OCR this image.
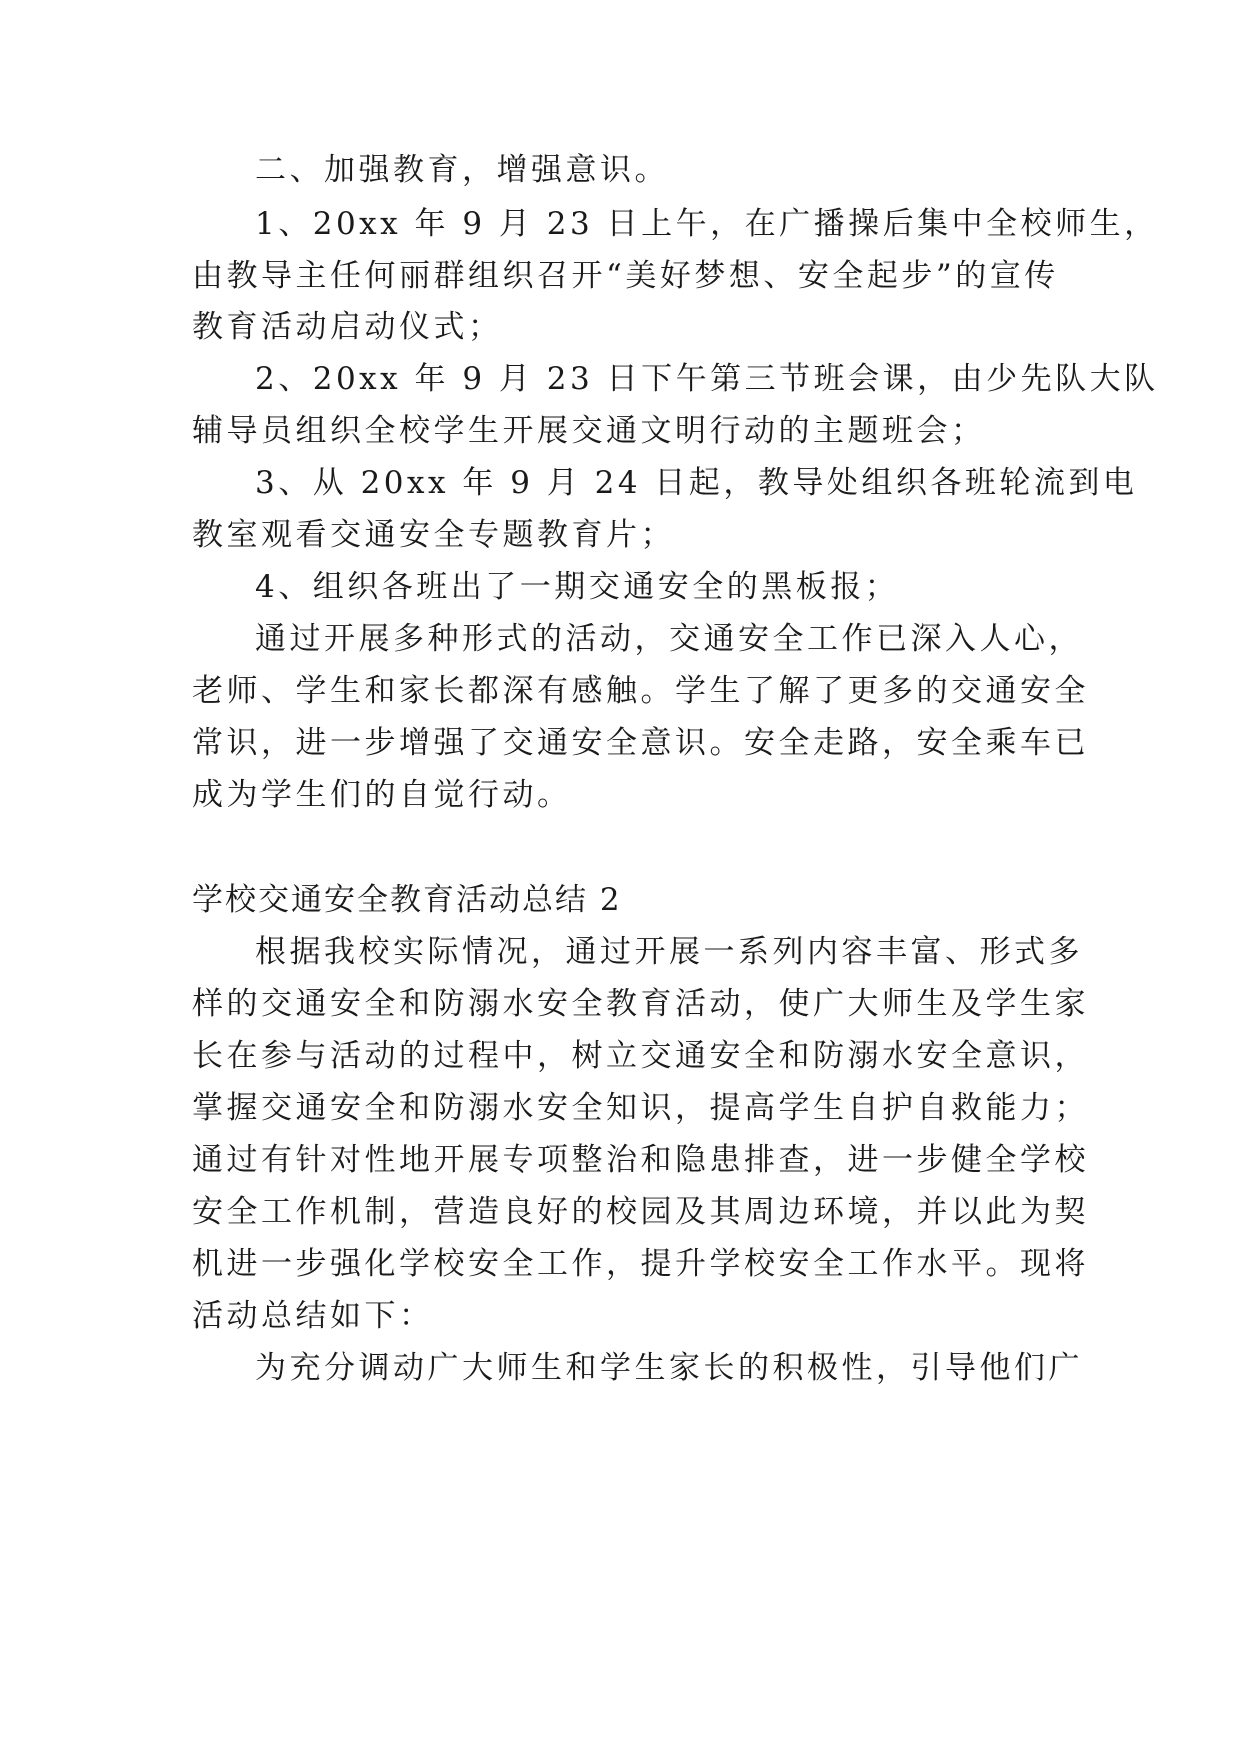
二、加强教育，增强意识。
1、20xx 年 9 月 23 日上午，在广播操后集中全校师生，
由教导主任何丽群组织召开“美好梦想、安全起步”的宣传
教育活动启动仪式；
2、20xx 年 9 月 23 日下午第三节班会课，由少先队大队
辅导员组织全校学生开展交通文明行动的主题班会；
3、从 20xx 年 9 月 24 日起，教导处组织各班轮流到电
教室观看交通安全专题教育片；
4、组织各班出了一期交通安全的黑板报；
通过开展多种形式的活动，交通安全工作已深入人心，
老师、学生和家长都深有感触。学生了解了更多的交通安全
常识，进一步增强了交通安全意识。安全走路，安全乘车已
成为学生们的自觉行动。
学校交通安全教育活动总结 2
根据我校实际情况，通过开展一系列内容丰富、形式多
样的交通安全和防溺水安全教育活动，使广大师生及学生家
长在参与活动的过程中，树立交通安全和防溺水安全意识，
掌握交通安全和防溺水安全知识，提高学生自护自救能力；
通过有针对性地开展专项整治和隐患排查，进一步健全学校
安全工作机制，营造良好的校园及其周边环境，并以此为契
机进一步强化学校安全工作，提升学校安全工作水平。现将
活动总结如下：
为充分调动广大师生和学生家长的积极性，引导他们广
